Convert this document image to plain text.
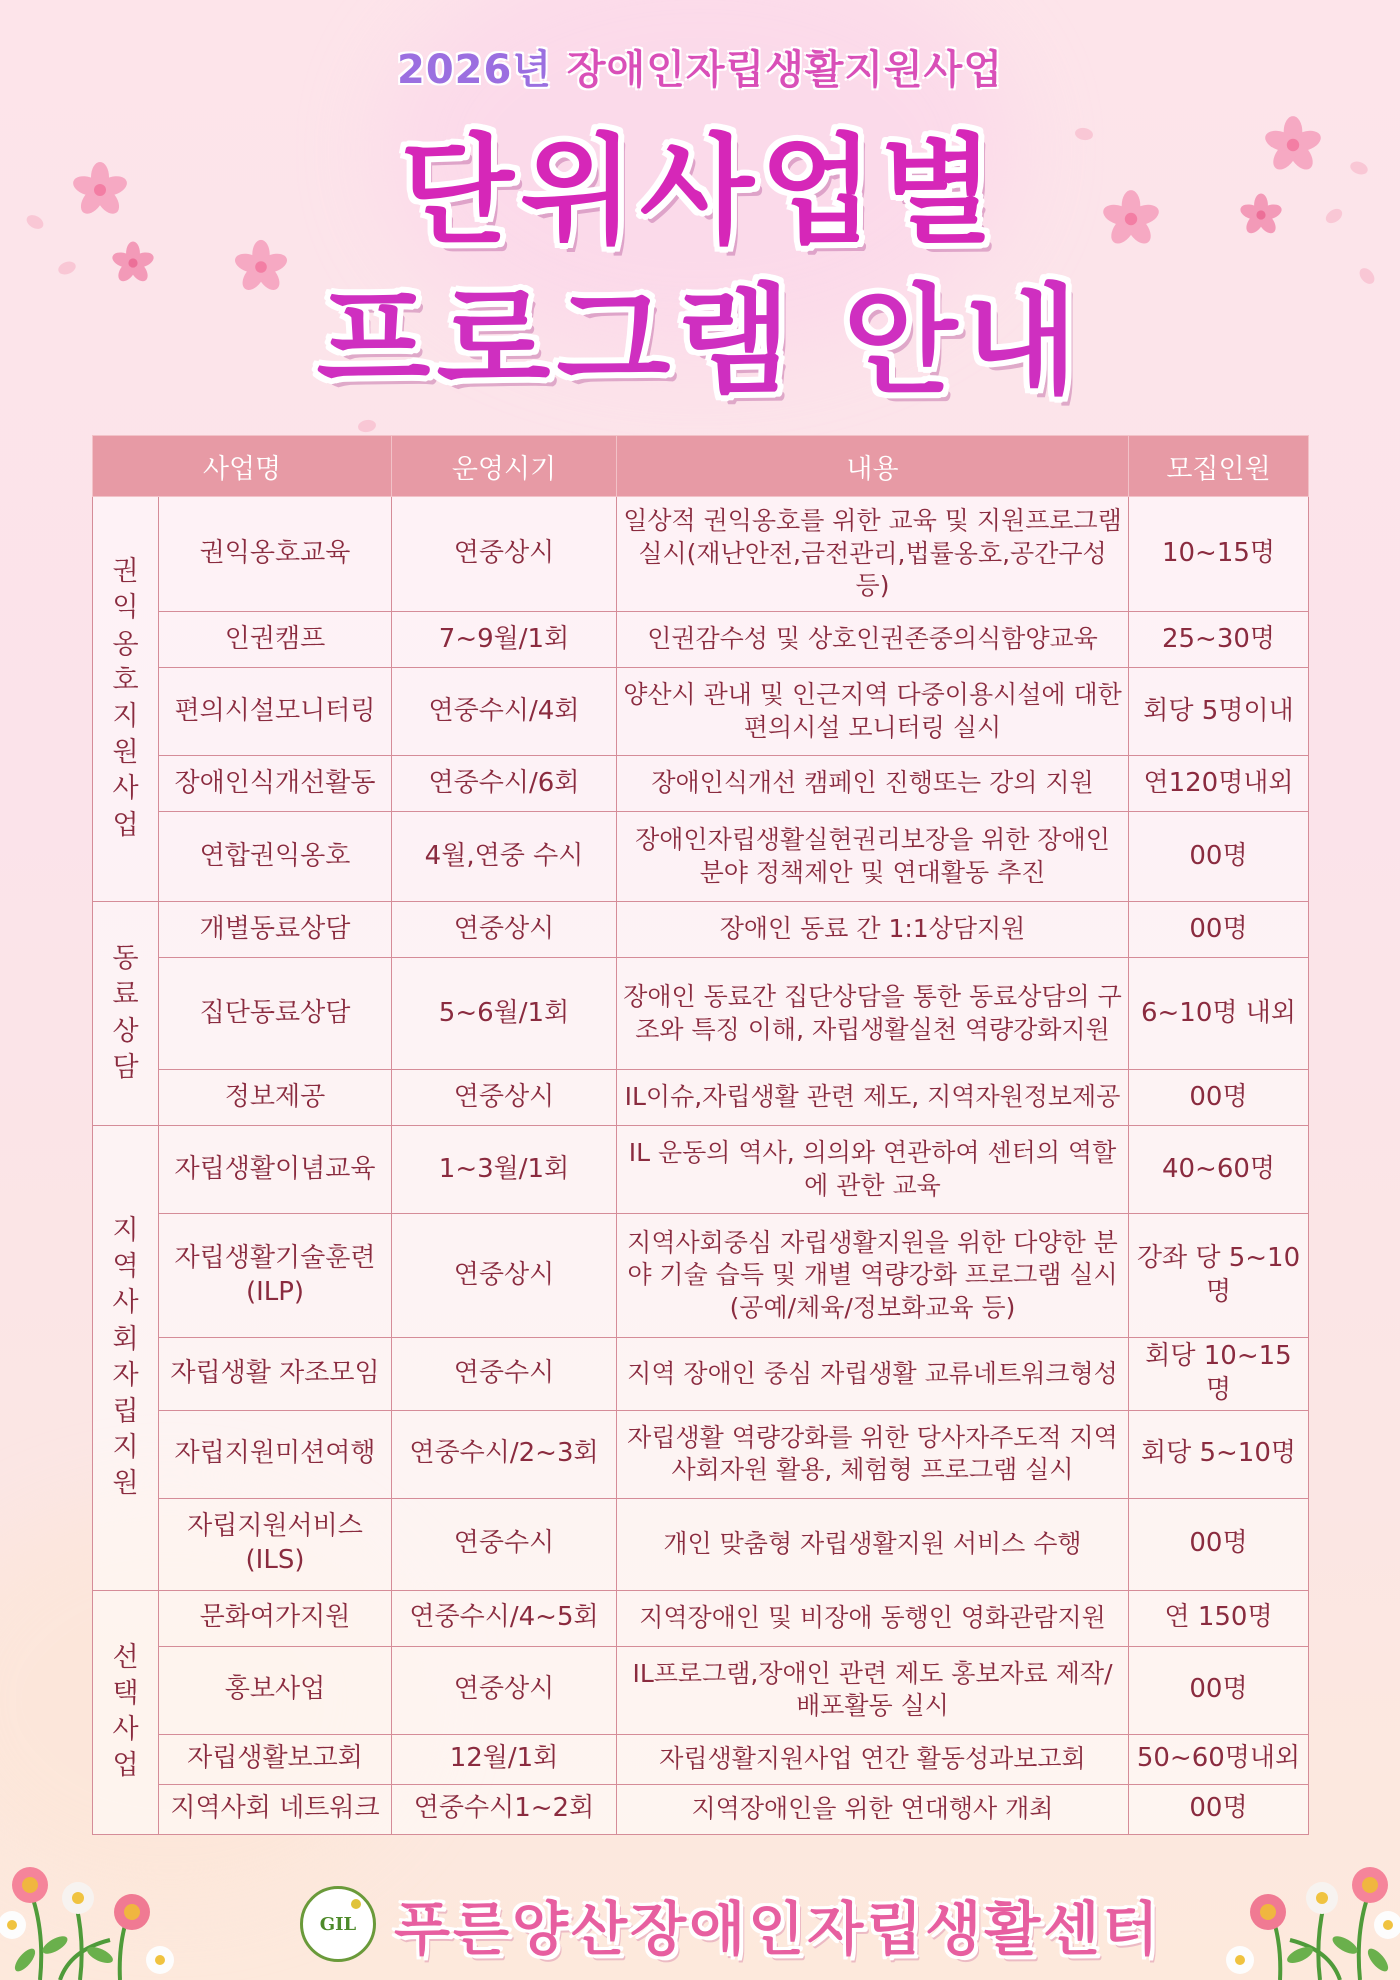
2026년 장애인자립생활지원사업
단위사업별
프로그램 안내
사업명		운영시기	내용	모집인원
권익옹호지원사업	권익옹호교육	연중상시	일상적 권익옹호를 위한 교육 및 지원프로그램실시(재난안전,금전관리,법률옹호,공간구성 등)	10~15명
	인권캠프	7~9월/1회	인권감수성 및 상호인권존중의식함양교육	25~30명
	편의시설모니터링	연중수시/4회	양산시 관내 및 인근지역 다중이용시설에 대한 편의시설 모니터링 실시	회당 5명이내
	장애인식개선활동	연중수시/6회	장애인식개선 캠페인 진행또는 강의 지원	연120명내외
	연합권익옹호	4월,연중 수시	장애인자립생활실현권리보장을 위한 장애인 분야 정책제안 및 연대활동 추진	00명
동료상담	개별동료상담	연중상시	장애인 동료 간 1:1상담지원	00명
	집단동료상담	5~6월/1회	장애인 동료간 집단상담을 통한 동료상담의 구조와 특징 이해, 자립생활실천 역량강화지원	6~10명 내외
	정보제공	연중상시	IL이슈,자립생활 관련 제도, 지역자원정보제공	00명
지역사회자립지원	자립생활이념교육	1~3월/1회	IL 운동의 역사, 의의와 연관하여 센터의 역할에 관한 교육	40~60명
	자립생활기술훈련 (ILP)	연중상시	지역사회중심 자립생활지원을 위한 다양한 분야 기술 습득 및 개별 역량강화 프로그램 실시(공예/체육/정보화교육 등)	강좌 당 5~10명
	자립생활 자조모임	연중수시	지역 장애인 중심 자립생활 교류네트워크형성	회당 10~15명
	자립지원미션여행	연중수시/2~3회	자립생활 역량강화를 위한 당사자주도적 지역사회자원 활용, 체험형 프로그램 실시	회당 5~10명
	자립지원서비스 (ILS)	연중수시	개인 맞춤형 자립생활지원 서비스 수행	00명
선택사업	문화여가지원	연중수시/4~5회	지역장애인 및 비장애 동행인 영화관람지원	연 150명
	홍보사업	연중상시	IL프로그램,장애인 관련 제도 홍보자료 제작/배포활동 실시	00명
	자립생활보고회	12월/1회	자립생활지원사업 연간 활동성과보고회	50~60명내외
	지역사회 네트워크	연중수시1~2회	지역장애인을 위한 연대행사 개최	00명
GIL 푸른양산장애인자립생활센터
